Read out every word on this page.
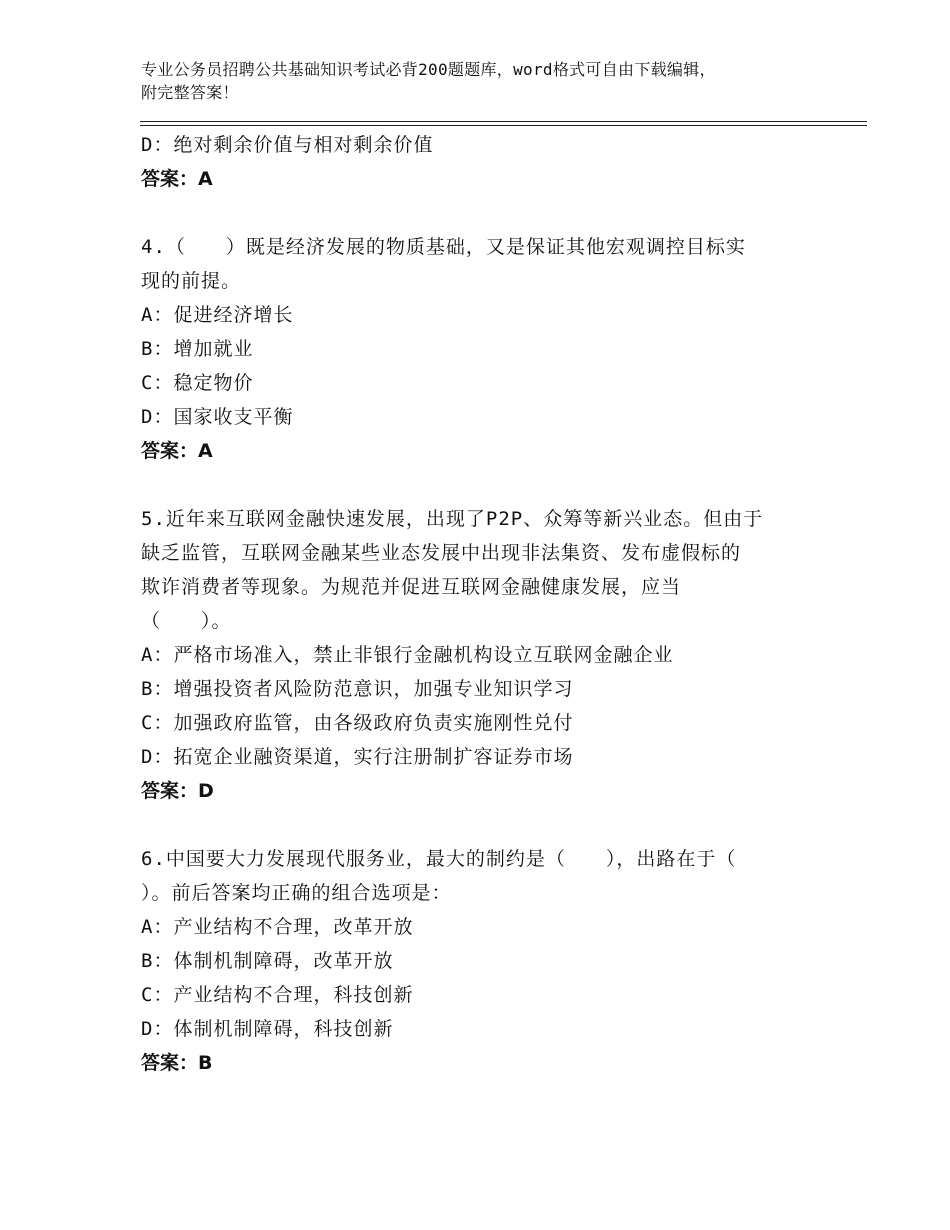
专业公务员招聘公共基础知识考试必背200题题库，word格式可自由下载编辑，
附完整答案！
D：绝对剩余价值与相对剩余价值
答案：A
4.（　　）既是经济发展的物质基础，又是保证其他宏观调控目标实
现的前提。
A：促进经济增长
B：增加就业
C：稳定物价
D：国家收支平衡
答案：A
5.近年来互联网金融快速发展，出现了P2P、众筹等新兴业态。但由于
缺乏监管，互联网金融某些业态发展中出现非法集资、发布虚假标的
欺诈消费者等现象。为规范并促进互联网金融健康发展，应当
（　　）。
A：严格市场准入，禁止非银行金融机构设立互联网金融企业
B：增强投资者风险防范意识，加强专业知识学习
C：加强政府监管，由各级政府负责实施刚性兑付
D：拓宽企业融资渠道，实行注册制扩容证券市场
答案：D
6.中国要大力发展现代服务业，最大的制约是（　　），出路在于（
）。前后答案均正确的组合选项是：
A：产业结构不合理，改革开放
B：体制机制障碍，改革开放
C：产业结构不合理，科技创新
D：体制机制障碍，科技创新
答案：B
